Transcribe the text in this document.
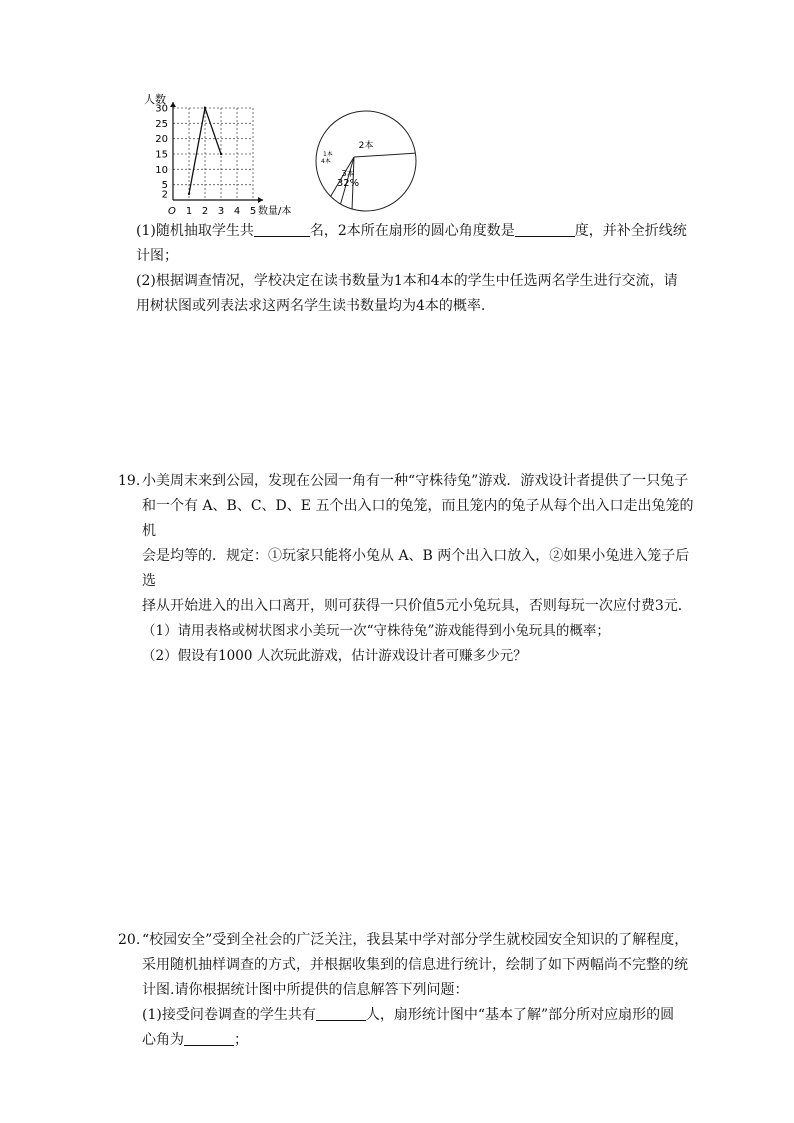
2
5
10
15
20
25
30
1 2 3 4 5
人数
数量/本
O
2本
1本
4本
3本
32%

(1)随机抽取学生共	名，2本所在扇形的圆心角度数是	度，并补全折线统

计图；

(2)根据调查情况，学校决定在读书数量为1本和4本的学生中任选两名学生进行交流，请

用树状图或列表法求这两名学生读书数量均为4本的概率.

19. 小美周末来到公园，发现在公园一角有一种“守株待兔”游戏．游戏设计者提供了一只兔子

和一个有 A、B、C、D、E 五个出入口的兔笼，而且笼内的兔子从每个出入口走出兔笼的机

会是均等的．规定：①玩家只能将小兔从 A、B 两个出入口放入，②如果小兔进入笼子后选

择从开始进入的出入口离开，则可获得一只价值5元小兔玩具，否则每玩一次应付费3元．

（1）请用表格或树状图求小美玩一次“守株待兔”游戏能得到小兔玩具的概率；

（2）假设有1000 人次玩此游戏，估计游戏设计者可赚多少元？

20. “校园安全”受到全社会的广泛关注，我县某中学对部分学生就校园安全知识的了解程度，

采用随机抽样调查的方式，并根据收集到的信息进行统计，绘制了如下两幅尚不完整的统

计图.请你根据统计图中所提供的信息解答下列问题：

(1)接受问卷调查的学生共有	人，扇形统计图中“基本了解”部分所对应扇形的圆

心角为	；
